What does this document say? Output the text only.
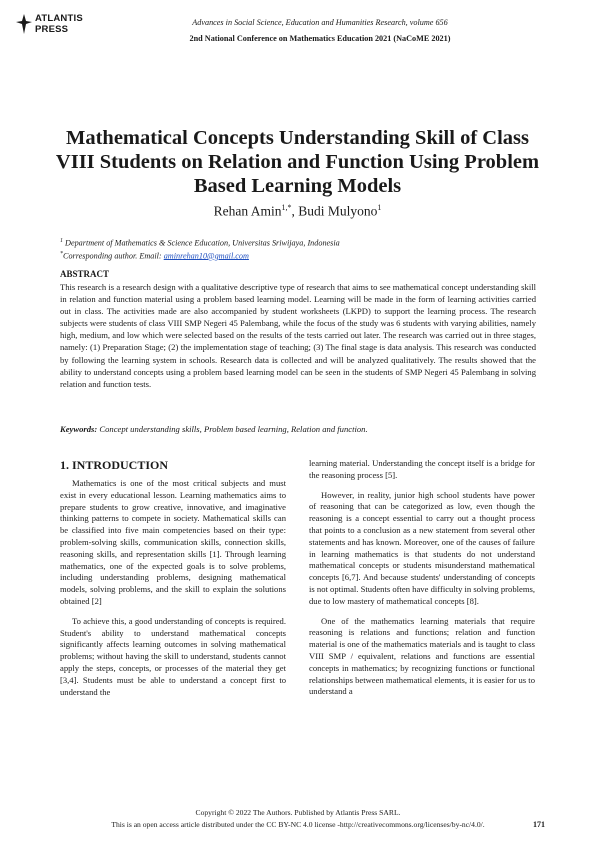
ATLANTIS
PRESS
Advances in Social Science, Education and Humanities Research, volume 656
2nd National Conference on Mathematics Education 2021 (NaCoME 2021)
Mathematical Concepts Understanding Skill of Class VIII Students on Relation and Function Using Problem Based Learning Models
Rehan Amin$^{1,*}$, Budi Mulyono$^1$
$^1$ Department of Mathematics & Science Education, Universitas Sriwijaya, Indonesia
*Corresponding author. Email: aminrehan10@gmail.com
ABSTRACT

This research is a research design with a qualitative descriptive type of research that aims to see mathematical concept understanding skill in relation and function material using a problem based learning model. Learning will be made in the form of learning activities carried out in class. The activities made are also accompanied by student worksheets (LKPD) to support the learning process. The research subjects were students of class VIII SMP Negeri 45 Palembang, while the focus of the study was 6 students with varying abilities, namely high, medium, and low which were selected based on the results of the tests carried out later. The research was carried out in three stages, namely: (1) Preparation Stage; (2) the implementation stage of teaching; (3) The final stage is data analysis. This research was conducted by following the learning system in schools. Research data is collected and will be analyzed qualitatively. The results showed that the ability to understand concepts using a problem based learning model can be seen in the students of SMP Negeri 45 Palembang in solving relation and function tests.

Keywords: Concept understanding skills, Problem based learning, Relation and function.
1. INTRODUCTION

Mathematics is one of the most critical subjects and must exist in every educational lesson. Learning mathematics aims to prepare students to grow creative, innovative, and imaginative thinking patterns to compete in society. Mathematical skills can be classified into five main competencies based on their type: problem-solving skills, communication skills, connection skills, reasoning skills, and representation skills [1]. Through learning mathematics, one of the expected goals is to solve problems, including understanding problems, designing mathematical models, solving problems, and the skill to explain the solutions obtained [2]

To achieve this, a good understanding of concepts is required. Student's ability to understand mathematical concepts significantly affects learning outcomes in solving mathematical problems; without having the skill to understand, students cannot apply the steps, concepts, or processes of the material they get [3,4]. Students must be able to understand a concept first to understand the

learning material. Understanding the concept itself is a bridge for the reasoning process [5].

However, in reality, junior high school students have power of reasoning that can be categorized as low, even though the reasoning is a concept essential to carry out a thought process that points to a conclusion as a new statement from several other statements and has known. Moreover, one of the causes of failure in learning mathematics is that students do not understand mathematical concepts or students misunderstand mathematical concepts [6,7]. And because students' understanding of concepts is not optimal. Students often have difficulty in solving problems, due to low mastery of mathematical concepts [8].

One of the mathematics learning materials that require reasoning is relations and functions; relation and function material is one of the mathematics materials and is taught to class VIII SMP / equivalent, relations and functions are essential concepts in mathematics; by recognizing functions or functional relationships between mathematical elements, it is easier for us to understand a

Copyright © 2022 The Authors. Published by Atlantis Press SARL.
This is an open access article distributed under the CC BY-NC 4.0 license -http://creativecommons.org/licenses/by-nc/4.0/.	171
